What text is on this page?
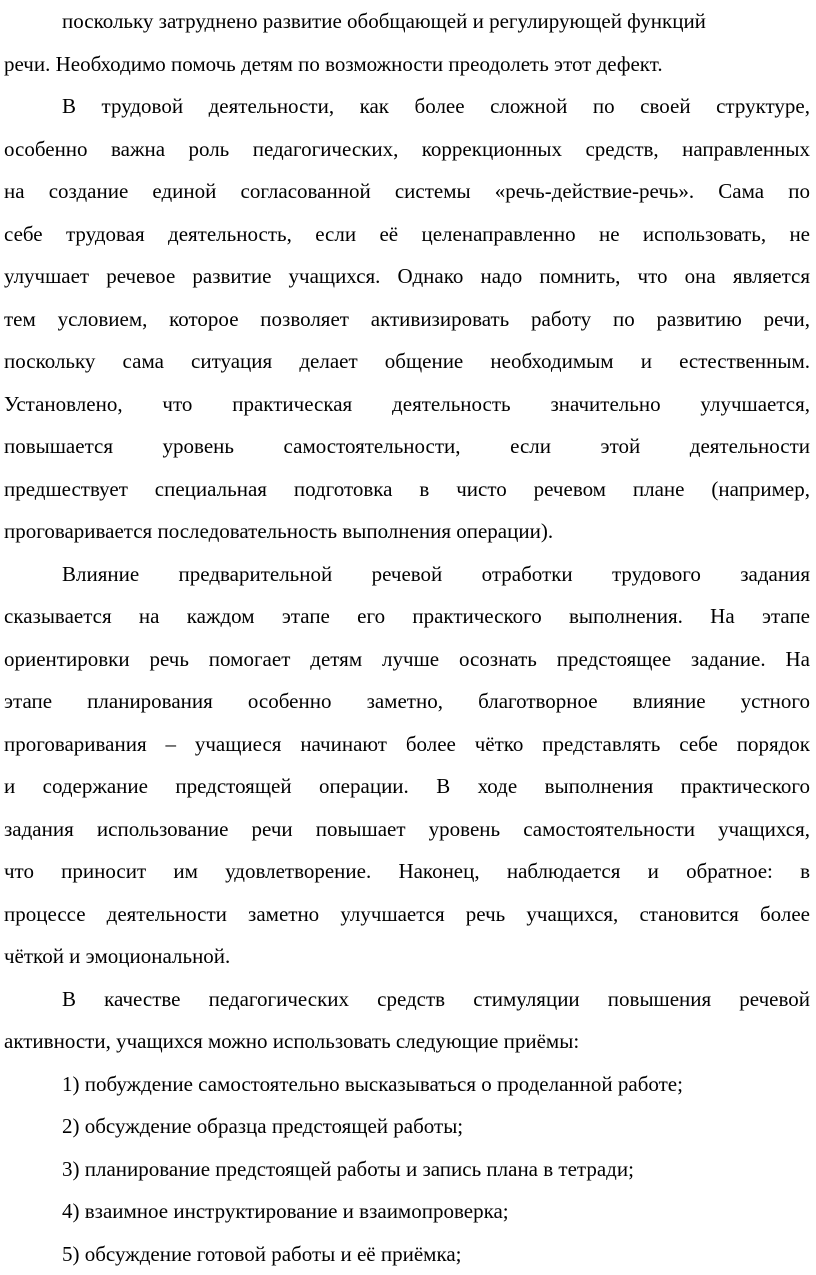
поскольку затруднено развитие обобщающей и регулирующей функций
речи. Необходимо помочь детям по возможности преодолеть этот дефект.
В трудовой деятельности, как более сложной по своей структуре,
особенно важна роль педагогических, коррекционных средств, направленных
на создание единой согласованной системы «речь-действие-речь». Сама по
себе трудовая деятельность, если её целенаправленно не использовать, не
улучшает речевое развитие учащихся. Однако надо помнить, что она является
тем условием, которое позволяет активизировать работу по развитию речи,
поскольку сама ситуация делает общение необходимым и естественным.
Установлено, что практическая деятельность значительно улучшается,
повышается уровень самостоятельности, если этой деятельности
предшествует специальная подготовка в чисто речевом плане (например,
проговаривается последовательность выполнения операции).
Влияние предварительной речевой отработки трудового задания
сказывается на каждом этапе его практического выполнения. На этапе
ориентировки речь помогает детям лучше осознать предстоящее задание. На
этапе планирования особенно заметно, благотворное влияние устного
проговаривания – учащиеся начинают более чётко представлять себе порядок
и содержание предстоящей операции. В ходе выполнения практического
задания использование речи повышает уровень самостоятельности учащихся,
что приносит им удовлетворение. Наконец, наблюдается и обратное: в
процессе деятельности заметно улучшается речь учащихся, становится более
чёткой и эмоциональной.
В качестве педагогических средств стимуляции повышения речевой
активности, учащихся можно использовать следующие приёмы:
1) побуждение самостоятельно высказываться о проделанной работе;
2) обсуждение образца предстоящей работы;
3) планирование предстоящей работы и запись плана в тетради;
4) взаимное инструктирование и взаимопроверка;
5) обсуждение готовой работы и её приёмка;
